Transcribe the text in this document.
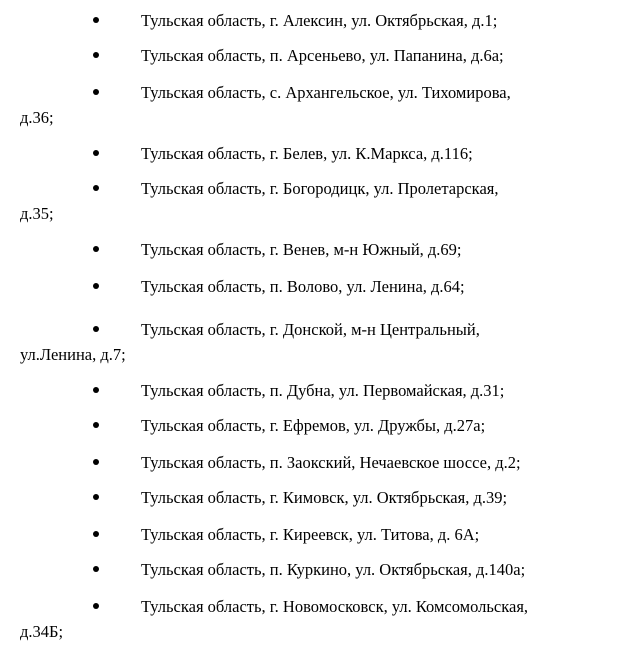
Тульская область, г. Алексин, ул. Октябрьская, д.1;
Тульская область, п. Арсеньево, ул. Папанина, д.6а;
Тульская область, с. Архангельское, ул. Тихомирова,
д.36;
Тульская область, г. Белев, ул. К.Маркса, д.116;
Тульская область, г. Богородицк, ул. Пролетарская,
д.35;
Тульская область, г. Венев, м-н Южный, д.69;
Тульская область, п. Волово, ул. Ленина, д.64;
Тульская область, г. Донской, м-н Центральный,
ул.Ленина, д.7;
Тульская область, п. Дубна, ул. Первомайская, д.31;
Тульская область, г. Ефремов, ул. Дружбы, д.27а;
Тульская область, п. Заокский, Нечаевское шоссе, д.2;
Тульская область, г. Кимовск, ул. Октябрьская, д.39;
Тульская область, г. Киреевск, ул. Титова, д. 6А;
Тульская область, п. Куркино, ул. Октябрьская, д.140а;
Тульская область, г. Новомосковск, ул. Комсомольская,
д.34Б;
